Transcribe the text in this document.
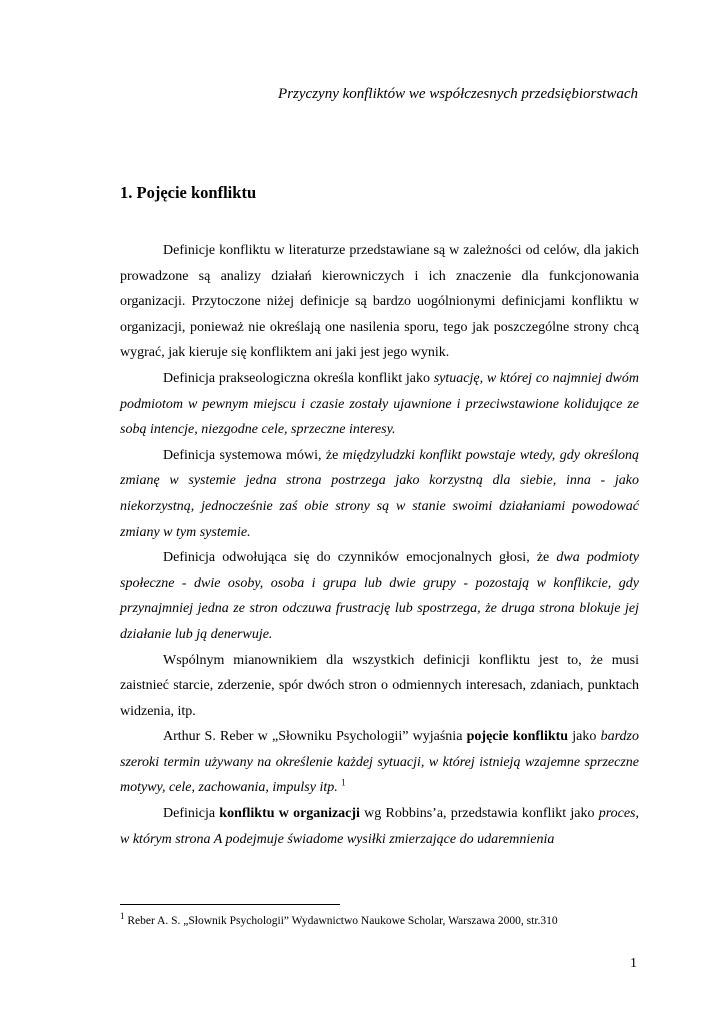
Przyczyny konfliktów we współczesnych przedsiębiorstwach
1. Pojęcie konfliktu

Definicje konfliktu w literaturze przedstawiane są w zależności od celów, dla jakich prowadzone są analizy działań kierowniczych i ich znaczenie dla funkcjonowania organizacji. Przytoczone niżej definicje są bardzo uogólnionymi definicjami konfliktu w organizacji, ponieważ nie określają one nasilenia sporu, tego jak poszczególne strony chcą wygrać, jak kieruje się konfliktem ani jaki jest jego wynik.

Definicja prakseologiczna określa konflikt jako sytuację, w której co najmniej dwóm podmiotom w pewnym miejscu i czasie zostały ujawnione i przeciwstawione kolidujące ze sobą intencje, niezgodne cele, sprzeczne interesy.

Definicja systemowa mówi, że międzyludzki konflikt powstaje wtedy, gdy określoną zmianę w systemie jedna strona postrzega jako korzystną dla siebie, inna - jako niekorzystną, jednocześnie zaś obie strony są w stanie swoimi działaniami powodować zmiany w tym systemie.

Definicja odwołująca się do czynników emocjonalnych głosi, że dwa podmioty społeczne - dwie osoby, osoba i grupa lub dwie grupy - pozostają w konflikcie, gdy przynajmniej jedna ze stron odczuwa frustrację lub spostrzega, że druga strona blokuje jej działanie lub ją denerwuje.

Wspólnym mianownikiem dla wszystkich definicji konfliktu jest to, że musi zaistnieć starcie, zderzenie, spór dwóch stron o odmiennych interesach, zdaniach, punktach widzenia, itp.

Arthur S. Reber w „Słowniku Psychologii” wyjaśnia pojęcie konfliktu jako bardzo szeroki termin używany na określenie każdej sytuacji, w której istnieją wzajemne sprzeczne motywy, cele, zachowania, impulsy itp. $^1$

Definicja konfliktu w organizacji wg Robbins’a, przedstawia konflikt jako proces, w którym strona A podejmuje świadome wysiłki zmierzające do udaremnienia

$^1$ Reber A. S. „Słownik Psychologii” Wydawnictwo Naukowe Scholar, Warszawa 2000, str.310
1
